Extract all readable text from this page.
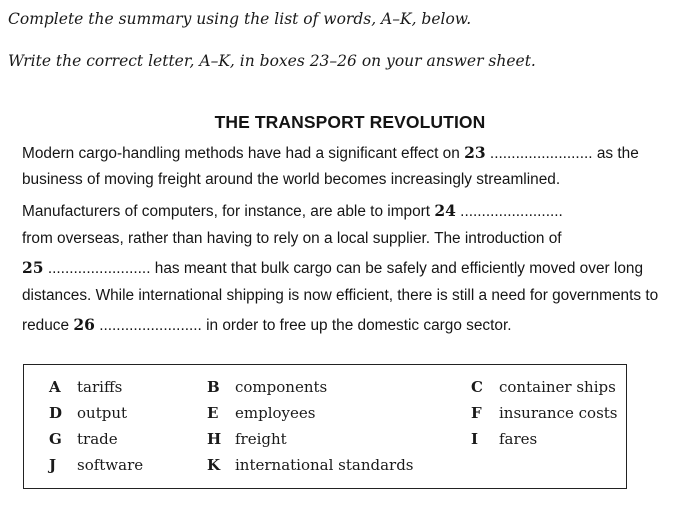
Complete the summary using the list of words, A–K, below.
Write the correct letter, A–K, in boxes 23–26 on your answer sheet.
THE TRANSPORT REVOLUTION
Modern cargo-handling methods have had a significant effect on 23 ........................ as the
business of moving freight around the world becomes increasingly streamlined.
Manufacturers of computers, for instance, are able to import 24 ........................
from overseas, rather than having to rely on a local supplier. The introduction of
25 ........................ has meant that bulk cargo can be safely and efficiently moved over long
distances. While international shipping is now efficient, there is still a need for governments to
reduce 26 ........................ in order to free up the domestic cargo sector.
A tariffs	B components	C container ships
D output	E employees	F insurance costs
G trade	H freight	I fares
J software	K international standards
